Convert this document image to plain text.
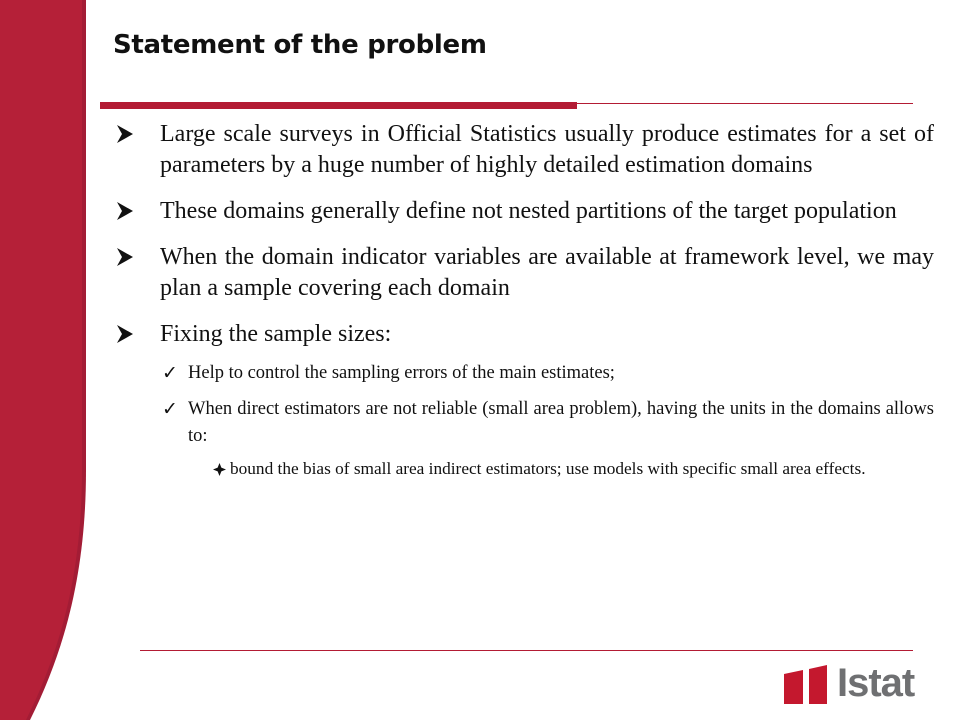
Statement of the problem

Large scale surveys in Official Statistics usually produce estimates for a set of parameters by a huge number of highly detailed estimation domains

These domains generally define not nested partitions of the target population

When the domain indicator variables are available at framework level, we may plan a sample covering each domain

Fixing the sample sizes:

✓ Help to control the sampling errors of the main estimates;

✓ When direct estimators are not reliable (small area problem), having the units in the domains allows to:

bound the bias of small area indirect estimators; use models with specific small area effects.

Istat
